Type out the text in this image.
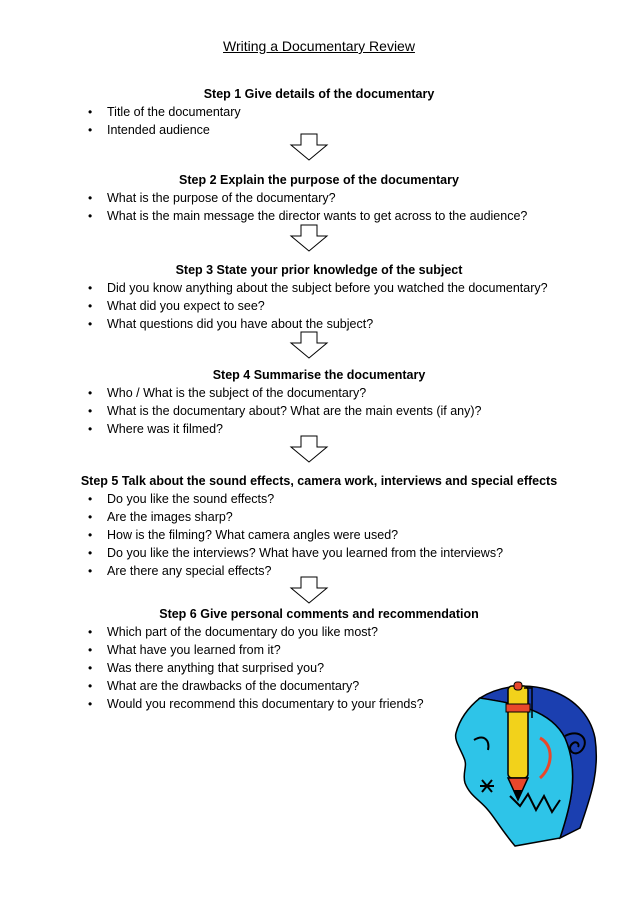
Writing a Documentary Review
Step 1 Give details of the documentary
• Title of the documentary
• Intended audience
Step 2 Explain the purpose of the documentary
• What is the purpose of the documentary?
• What is the main message the director wants to get across to the audience?
Step 3 State your prior knowledge of the subject
• Did you know anything about the subject before you watched the documentary?
• What did you expect to see?
• What questions did you have about the subject?
Step 4 Summarise the documentary
• Who / What is the subject of the documentary?
• What is the documentary about? What are the main events (if any)?
• Where was it filmed?
Step 5 Talk about the sound effects, camera work, interviews and special effects
• Do you like the sound effects?
• Are the images sharp?
• How is the filming? What camera angles were used?
• Do you like the interviews? What have you learned from the interviews?
• Are there any special effects?
Step 6 Give personal comments and recommendation
• Which part of the documentary do you like most?
• What have you learned from it?
• Was there anything that surprised you?
• What are the drawbacks of the documentary?
• Would you recommend this documentary to your friends?
